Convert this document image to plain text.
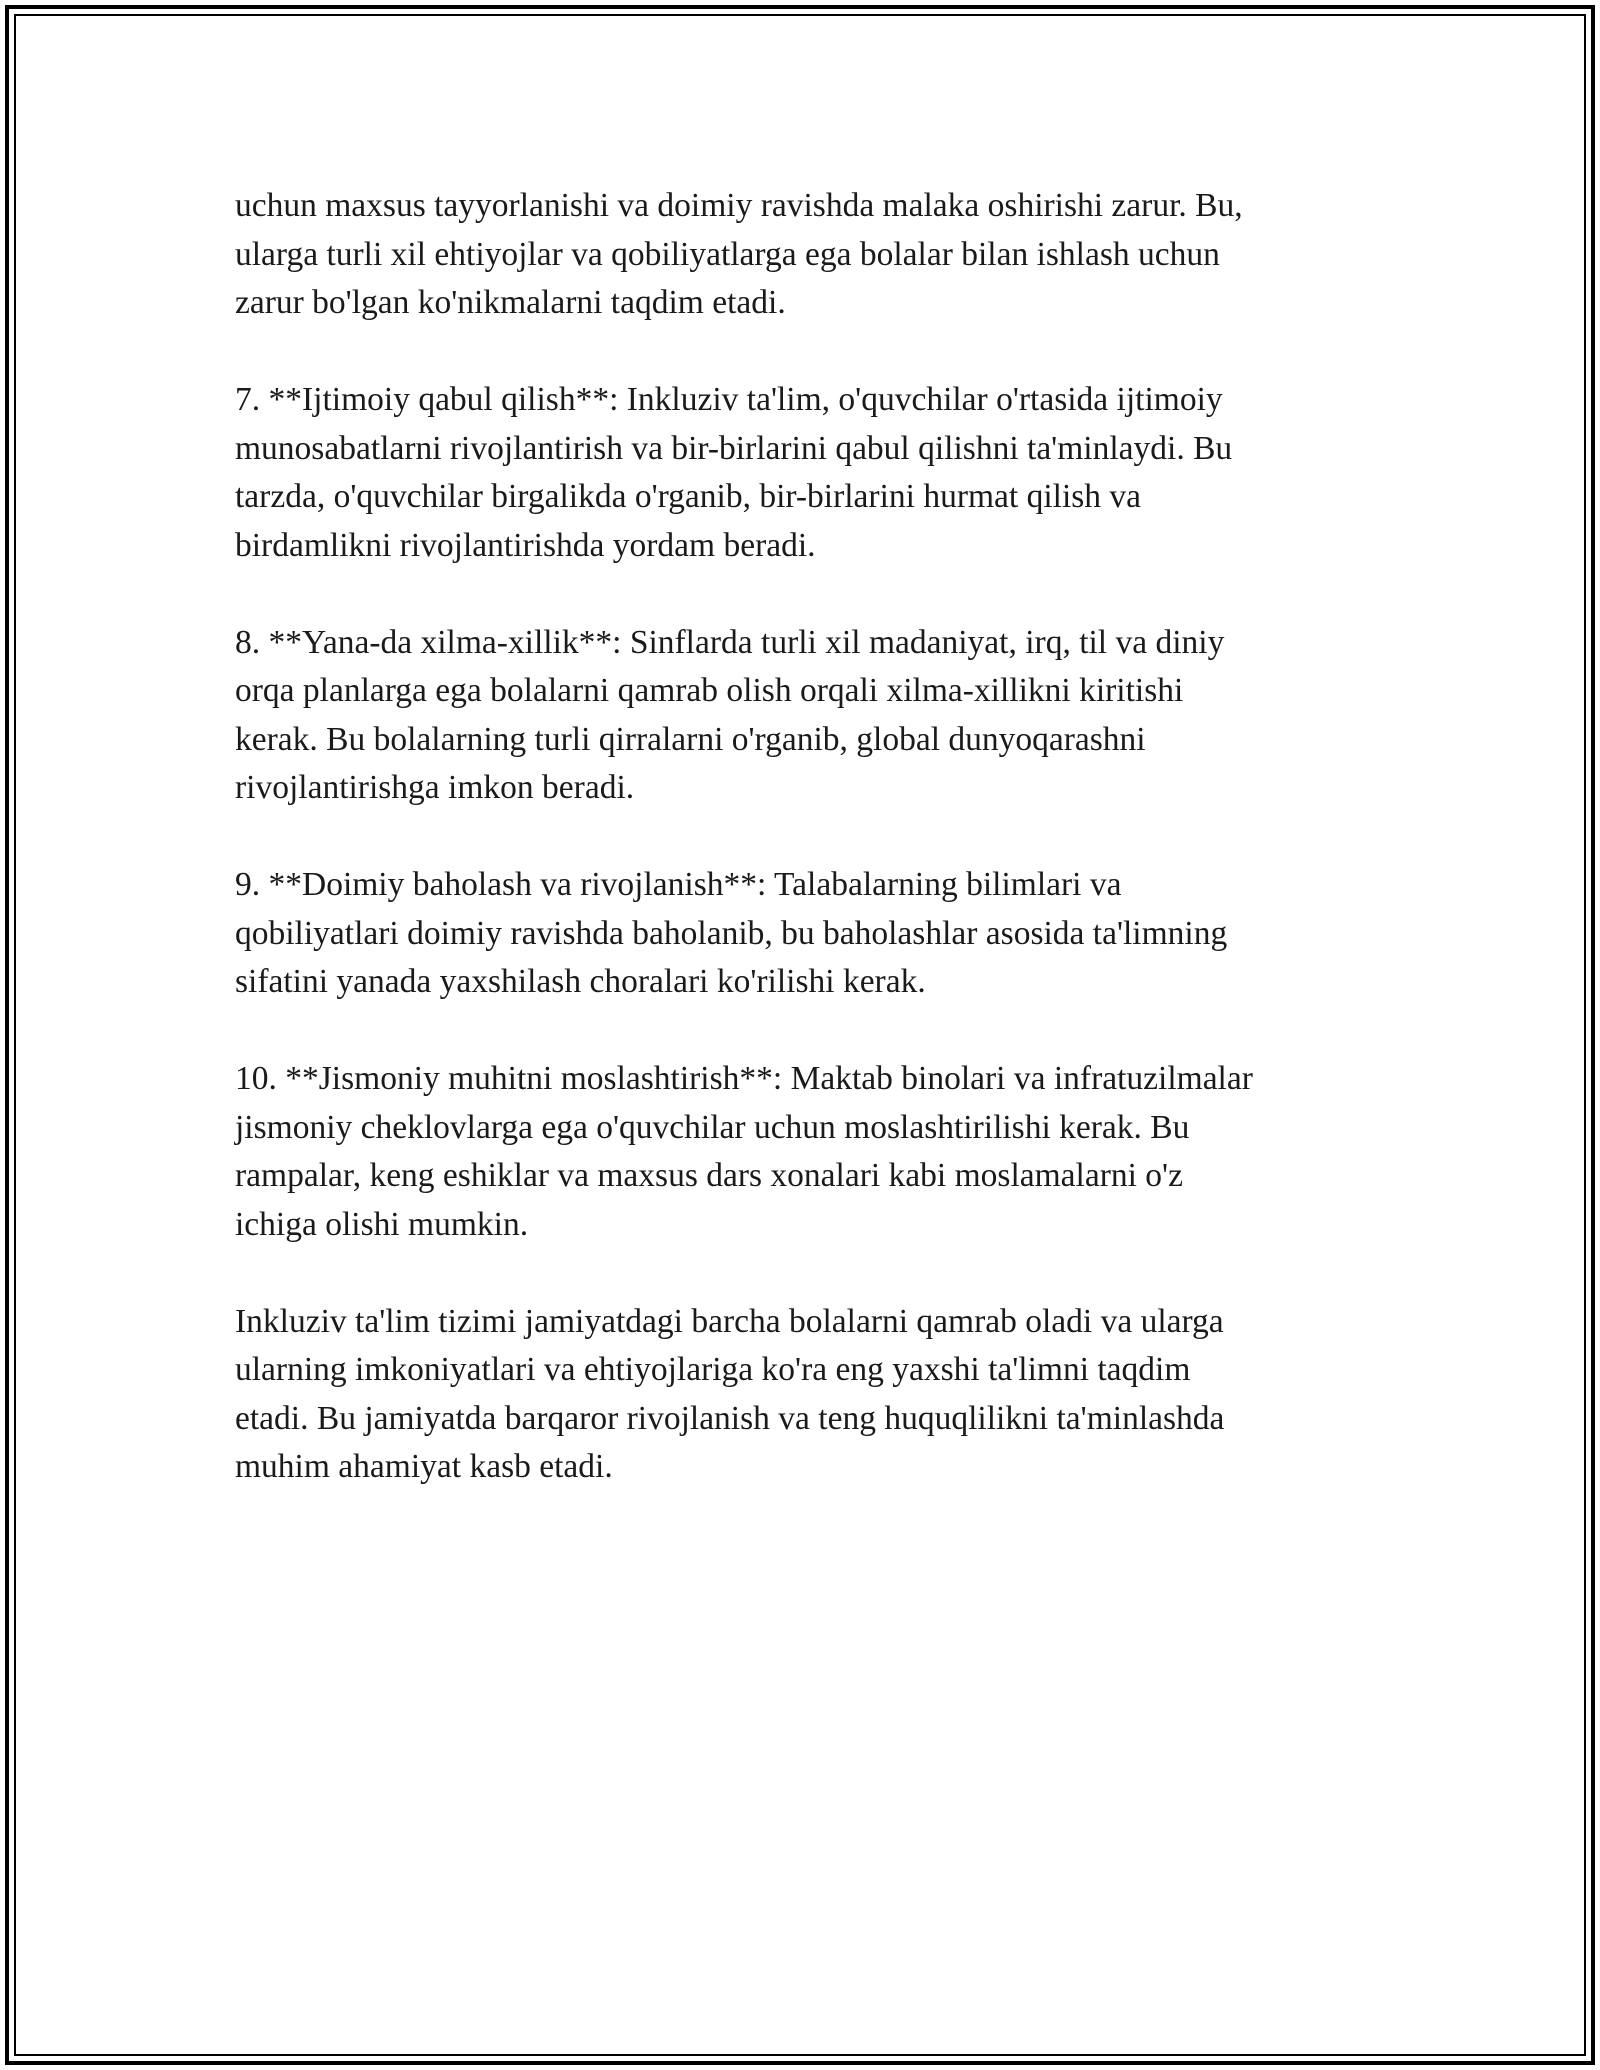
uchun maxsus tayyorlanishi va doimiy ravishda malaka oshirishi zarur. Bu,
ularga turli xil ehtiyojlar va qobiliyatlarga ega bolalar bilan ishlash uchun
zarur bo'lgan ko'nikmalarni taqdim etadi.

7. **Ijtimoiy qabul qilish**: Inkluziv ta'lim, o'quvchilar o'rtasida ijtimoiy
munosabatlarni rivojlantirish va bir-birlarini qabul qilishni ta'minlaydi. Bu
tarzda, o'quvchilar birgalikda o'rganib, bir-birlarini hurmat qilish va
birdamlikni rivojlantirishda yordam beradi.

8. **Yana-da xilma-xillik**: Sinflarda turli xil madaniyat, irq, til va diniy
orqa planlarga ega bolalarni qamrab olish orqali xilma-xillikni kiritishi
kerak. Bu bolalarning turli qirralarni o'rganib, global dunyoqarashni
rivojlantirishga imkon beradi.

9. **Doimiy baholash va rivojlanish**: Talabalarning bilimlari va
qobiliyatlari doimiy ravishda baholanib, bu baholashlar asosida ta'limning
sifatini yanada yaxshilash choralari ko'rilishi kerak.

10. **Jismoniy muhitni moslashtirish**: Maktab binolari va infratuzilmalar
jismoniy cheklovlarga ega o'quvchilar uchun moslashtirilishi kerak. Bu
rampalar, keng eshiklar va maxsus dars xonalari kabi moslamalarni o'z
ichiga olishi mumkin.

Inkluziv ta'lim tizimi jamiyatdagi barcha bolalarni qamrab oladi va ularga
ularning imkoniyatlari va ehtiyojlariga ko'ra eng yaxshi ta'limni taqdim
etadi. Bu jamiyatda barqaror rivojlanish va teng huquqlilikni ta'minlashda
muhim ahamiyat kasb etadi.
